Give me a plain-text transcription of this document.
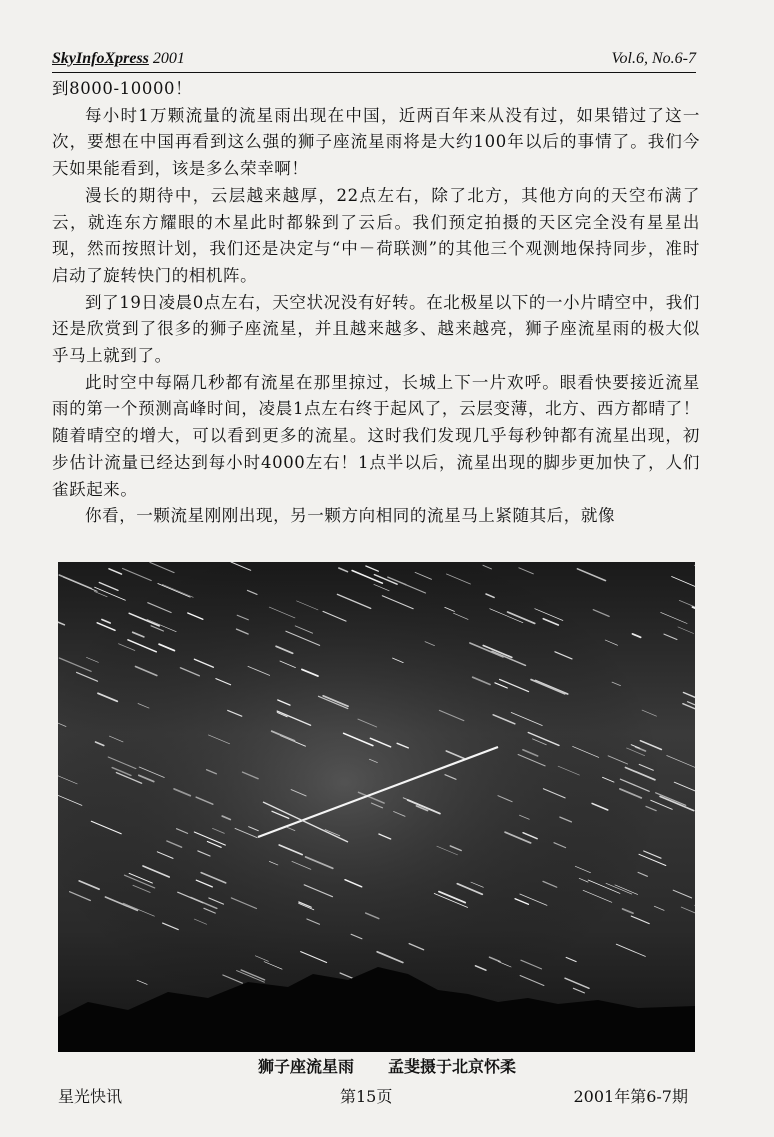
SkyInfoXpress 2001	Vol.6, No.6-7

到8000-10000！

每小时1万颗流量的流星雨出现在中国，近两百年来从没有过，如果错过了这一次，要想在中国再看到这么强的狮子座流星雨将是大约100年以后的事情了。我们今天如果能看到，该是多么荣幸啊！

漫长的期待中，云层越来越厚，22点左右，除了北方，其他方向的天空布满了云，就连东方耀眼的木星此时都躲到了云后。我们预定拍摄的天区完全没有星星出现，然而按照计划，我们还是决定与“中－荷联测”的其他三个观测地保持同步，准时启动了旋转快门的相机阵。

到了19日凌晨0点左右，天空状况没有好转。在北极星以下的一小片晴空中，我们还是欣赏到了很多的狮子座流星，并且越来越多、越来越亮，狮子座流星雨的极大似乎马上就到了。

此时空中每隔几秒都有流星在那里掠过，长城上下一片欢呼。眼看快要接近流星雨的第一个预测高峰时间，凌晨1点左右终于起风了，云层变薄，北方、西方都晴了！随着晴空的增大，可以看到更多的流星。这时我们发现几乎每秒钟都有流星出现，初步估计流量已经达到每小时4000左右！1点半以后，流星出现的脚步更加快了，人们雀跃起来。

你看，一颗流星刚刚出现，另一颗方向相同的流星马上紧随其后，就像

狮子座流星雨 孟斐摄于北京怀柔
星光快讯	第15页	2001年第6-7期
